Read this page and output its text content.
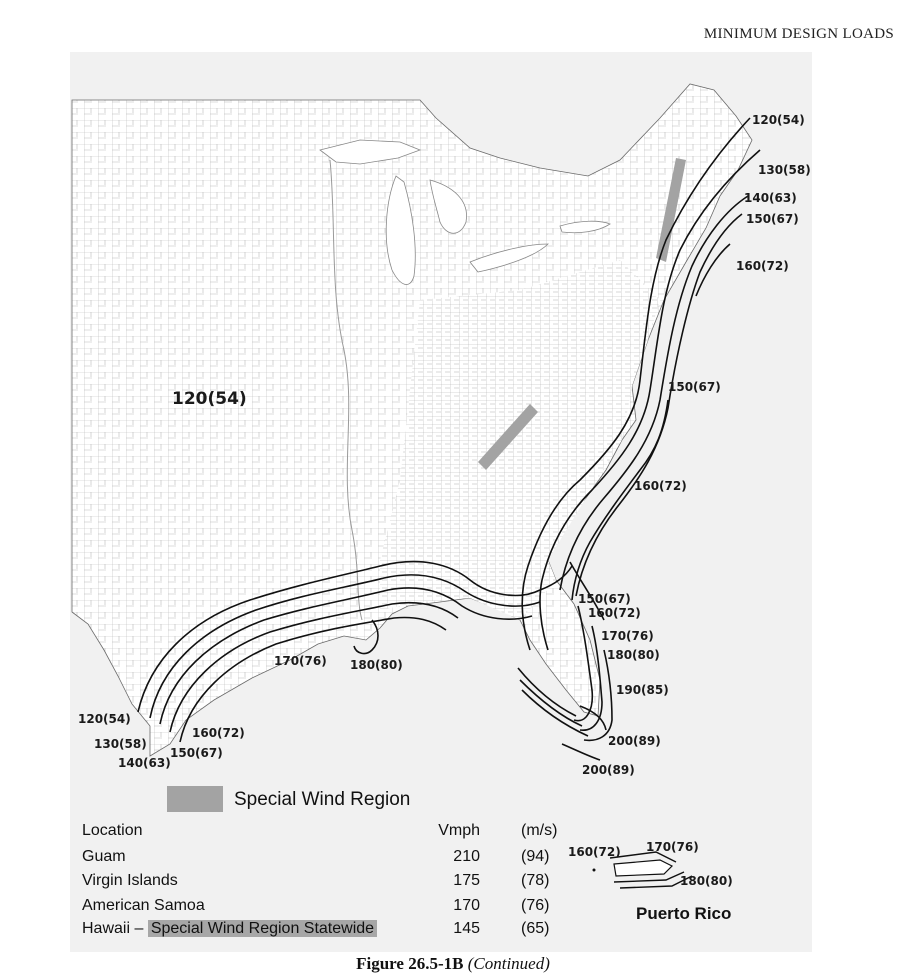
MINIMUM DESIGN LOADS
120(54)
120(54)
130(58)
140(63)
150(67)
160(72)
150(67)
160(72)
150(67)
160(72)
170(76)
180(80)
190(85)
200(89)
200(89)
170(76) 180(80)
120(54)
130(58)
140(63)
150(67)
160(72)
160(72) 170(76)
180(80)
Special Wind Region
Location	Vmph	(m/s)
Guam	210	(94)
Virgin Islands	175	(78)
American Samoa	170	(76)
Hawaii – Special Wind Region Statewide	145	(65)
Puerto Rico
Figure 26.5-1B (Continued)
